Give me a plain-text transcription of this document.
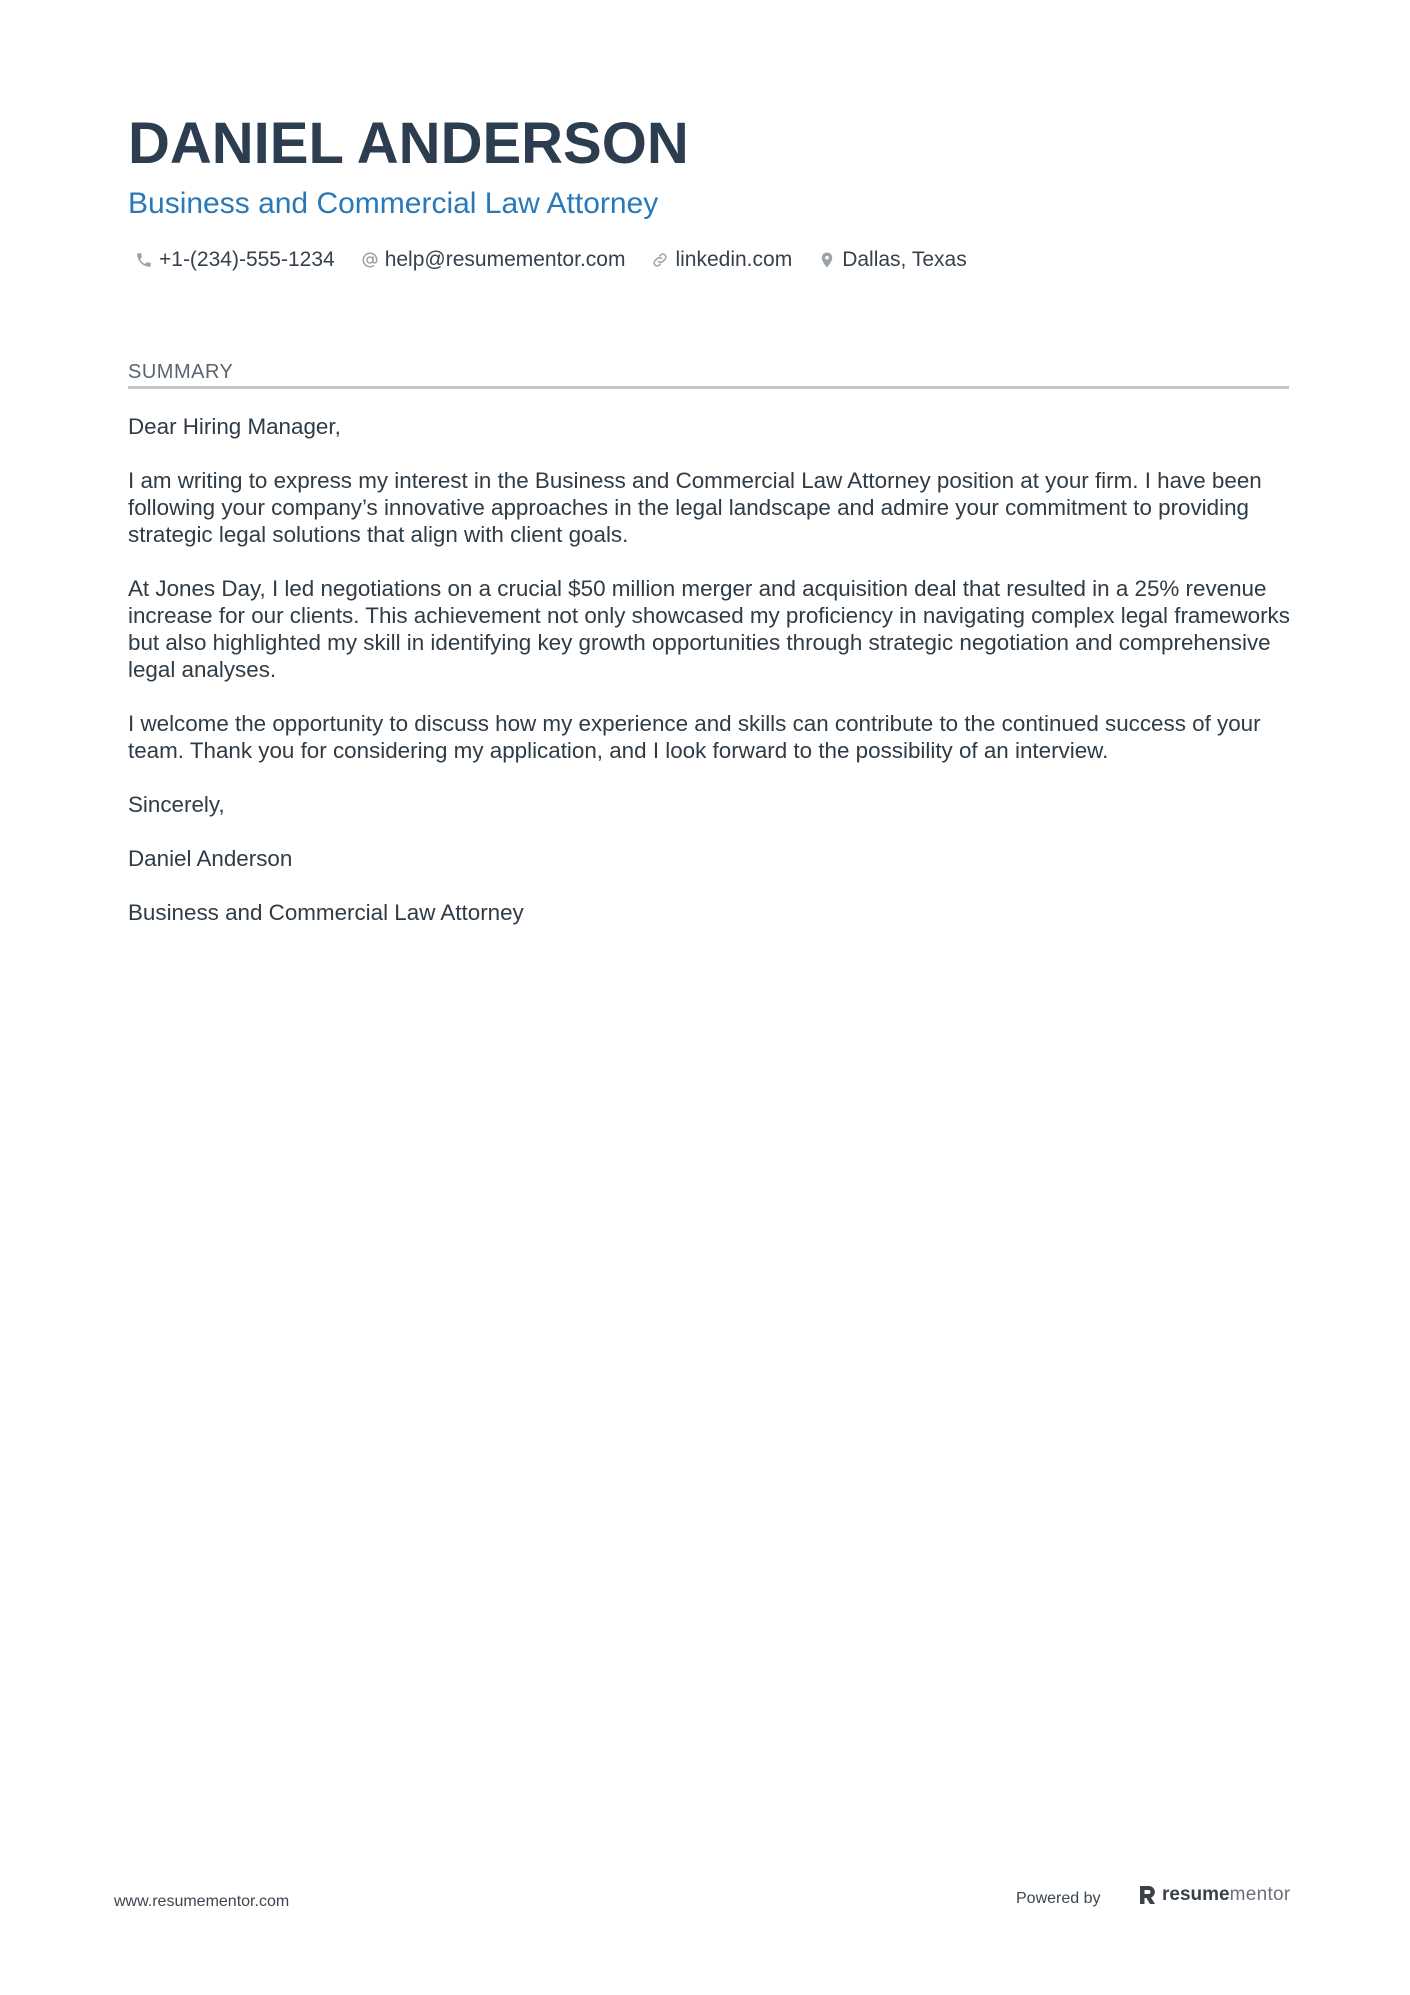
DANIEL ANDERSON
Business and Commercial Law Attorney
+1-(234)-555-1234 help@resumementor.com linkedin.com Dallas, Texas
SUMMARY

Dear Hiring Manager,

I am writing to express my interest in the Business and Commercial Law Attorney position at your firm. I have been following your company’s innovative approaches in the legal landscape and admire your commitment to providing strategic legal solutions that align with client goals.

At Jones Day, I led negotiations on a crucial $50 million merger and acquisition deal that resulted in a 25% revenue increase for our clients. This achievement not only showcased my proficiency in navigating complex legal frameworks but also highlighted my skill in identifying key growth opportunities through strategic negotiation and comprehensive legal analyses.

I welcome the opportunity to discuss how my experience and skills can contribute to the continued success of your team. Thank you for considering my application, and I look forward to the possibility of an interview.

Sincerely,

Daniel Anderson

Business and Commercial Law Attorney

www.resumementor.com	Powered by	resume mentor
